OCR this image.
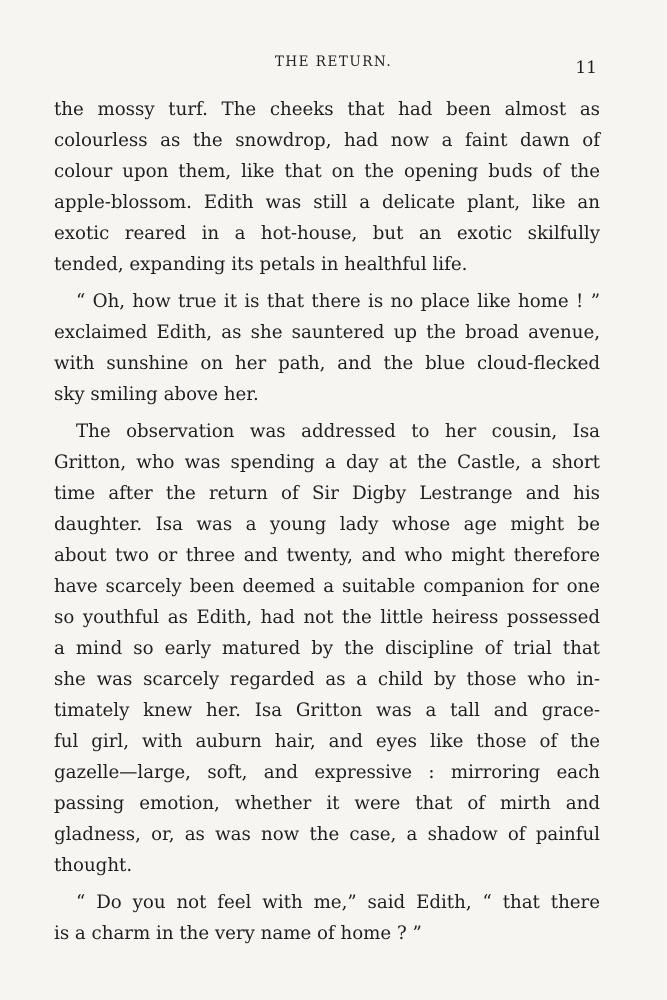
THE RETURN.	11
the mossy turf. The cheeks that had been almost as
colourless as the snowdrop, had now a faint dawn of
colour upon them, like that on the opening buds of the
apple-blossom. Edith was still a delicate plant, like an
exotic reared in a hot-house, but an exotic skilfully
tended, expanding its petals in healthful life.
“ Oh, how true it is that there is no place like home ! ”
exclaimed Edith, as she sauntered up the broad avenue,
with sunshine on her path, and the blue cloud-flecked
sky smiling above her.
The observation was addressed to her cousin, Isa
Gritton, who was spending a day at the Castle, a short
time after the return of Sir Digby Lestrange and his
daughter. Isa was a young lady whose age might be
about two or three and twenty, and who might therefore
have scarcely been deemed a suitable companion for one
so youthful as Edith, had not the little heiress possessed
a mind so early matured by the discipline of trial that
she was scarcely regarded as a child by those who in-
timately knew her. Isa Gritton was a tall and grace-
ful girl, with auburn hair, and eyes like those of the
gazelle—large, soft, and expressive : mirroring each
passing emotion, whether it were that of mirth and
gladness, or, as was now the case, a shadow of painful
thought.
“ Do you not feel with me,” said Edith, “ that there
is a charm in the very name of home ? ”
